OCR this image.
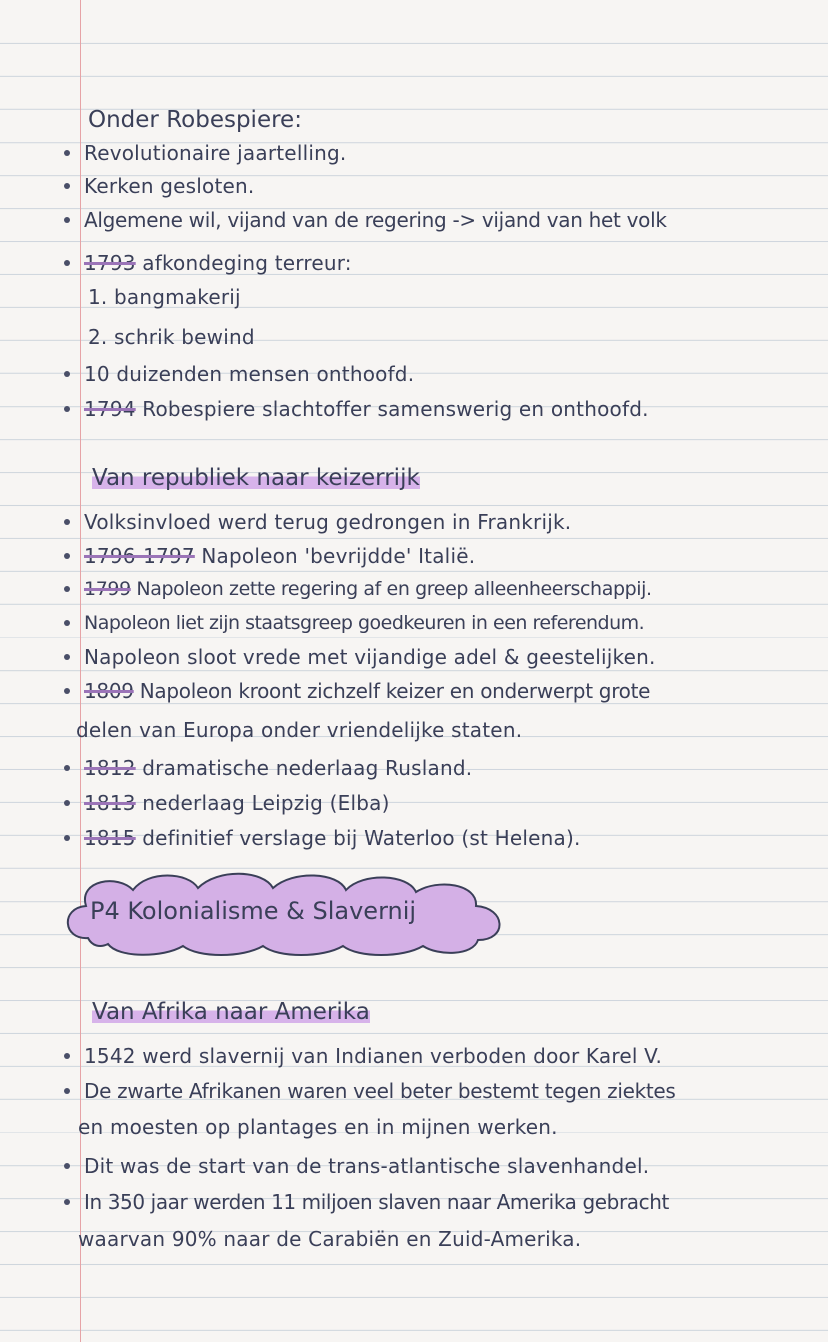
Onder Robespiere:
Revolutionaire jaartelling.
Kerken gesloten.
Algemene wil, vijand van de regering -> vijand van het volk
1793 afkondeging terreur:
1. bangmakerij
2. schrik bewind
10 duizenden mensen onthoofd.
1794 Robespiere slachtoffer samenswerig en onthoofd.
Van republiek naar keizerrijk
Volksinvloed werd terug gedrongen in Frankrijk.
1796-1797 Napoleon 'bevrijdde' Italië.
1799 Napoleon zette regering af en greep alleenheerschappij.
Napoleon liet zijn staatsgreep goedkeuren in een referendum.
Napoleon sloot vrede met vijandige adel & geestelijken.
1809 Napoleon kroont zichzelf keizer en onderwerpt grote
delen van Europa onder vriendelijke staten.
1812 dramatische nederlaag Rusland.
1813 nederlaag Leipzig (Elba)
1815 definitief verslage bij Waterloo (st Helena).
P4 Kolonialisme & Slavernij
Van Afrika naar Amerika
1542 werd slavernij van Indianen verboden door Karel V.
De zwarte Afrikanen waren veel beter bestemt tegen ziektes
en moesten op plantages en in mijnen werken.
Dit was de start van de trans-atlantische slavenhandel.
In 350 jaar werden 11 miljoen slaven naar Amerika gebracht
waarvan 90% naar de Carabiën en Zuid-Amerika.
